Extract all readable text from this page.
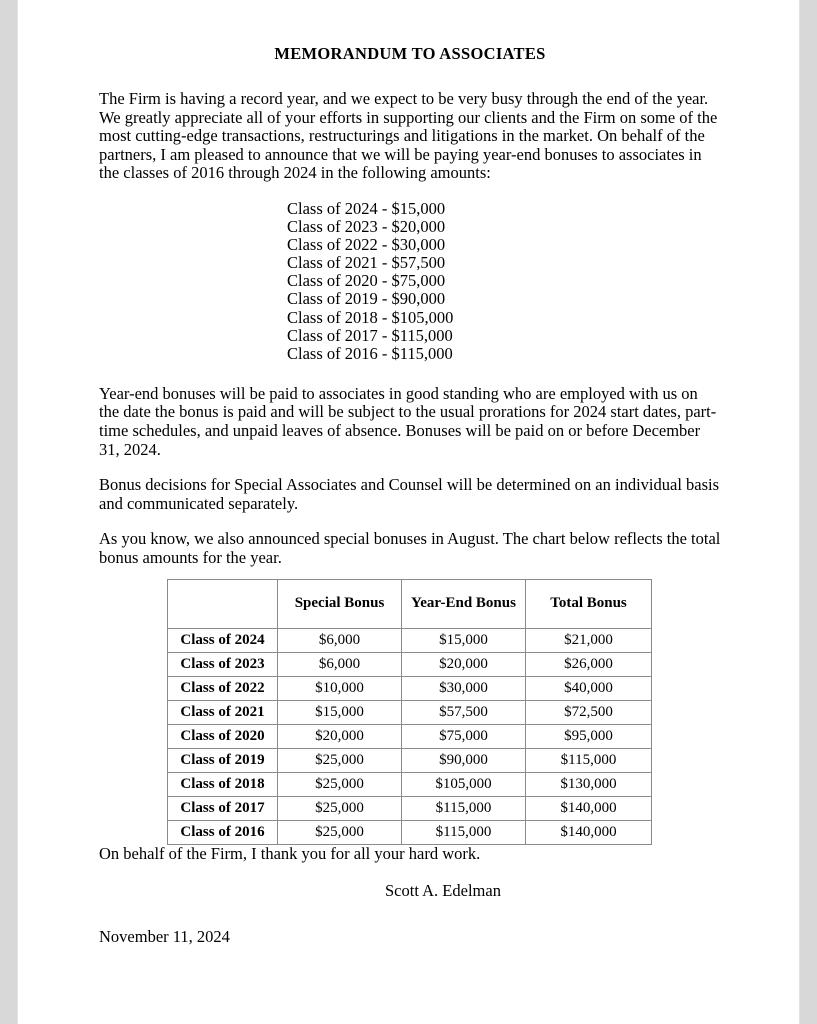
MEMORANDUM TO ASSOCIATES

The Firm is having a record year, and we expect to be very busy through the end of the year. We greatly appreciate all of your efforts in supporting our clients and the Firm on some of the most cutting-edge transactions, restructurings and litigations in the market. On behalf of the partners, I am pleased to announce that we will be paying year-end bonuses to associates in the classes of 2016 through 2024 in the following amounts:

Class of 2024 - $15,000
Class of 2023 - $20,000
Class of 2022 - $30,000
Class of 2021 - $57,500
Class of 2020 - $75,000
Class of 2019 - $90,000
Class of 2018 - $105,000
Class of 2017 - $115,000
Class of 2016 - $115,000

Year-end bonuses will be paid to associates in good standing who are employed with us on the date the bonus is paid and will be subject to the usual prorations for 2024 start dates, part-time schedules, and unpaid leaves of absence. Bonuses will be paid on or before December 31, 2024.

Bonus decisions for Special Associates and Counsel will be determined on an individual basis and communicated separately.

As you know, we also announced special bonuses in August. The chart below reflects the total bonus amounts for the year.

	Special Bonus	Year-End Bonus	Total Bonus
Class of 2024	$6,000	$15,000	$21,000
Class of 2023	$6,000	$20,000	$26,000
Class of 2022	$10,000	$30,000	$40,000
Class of 2021	$15,000	$57,500	$72,500
Class of 2020	$20,000	$75,000	$95,000
Class of 2019	$25,000	$90,000	$115,000
Class of 2018	$25,000	$105,000	$130,000
Class of 2017	$25,000	$115,000	$140,000
Class of 2016	$25,000	$115,000	$140,000

On behalf of the Firm, I thank you for all your hard work.

Scott A. Edelman

November 11, 2024
